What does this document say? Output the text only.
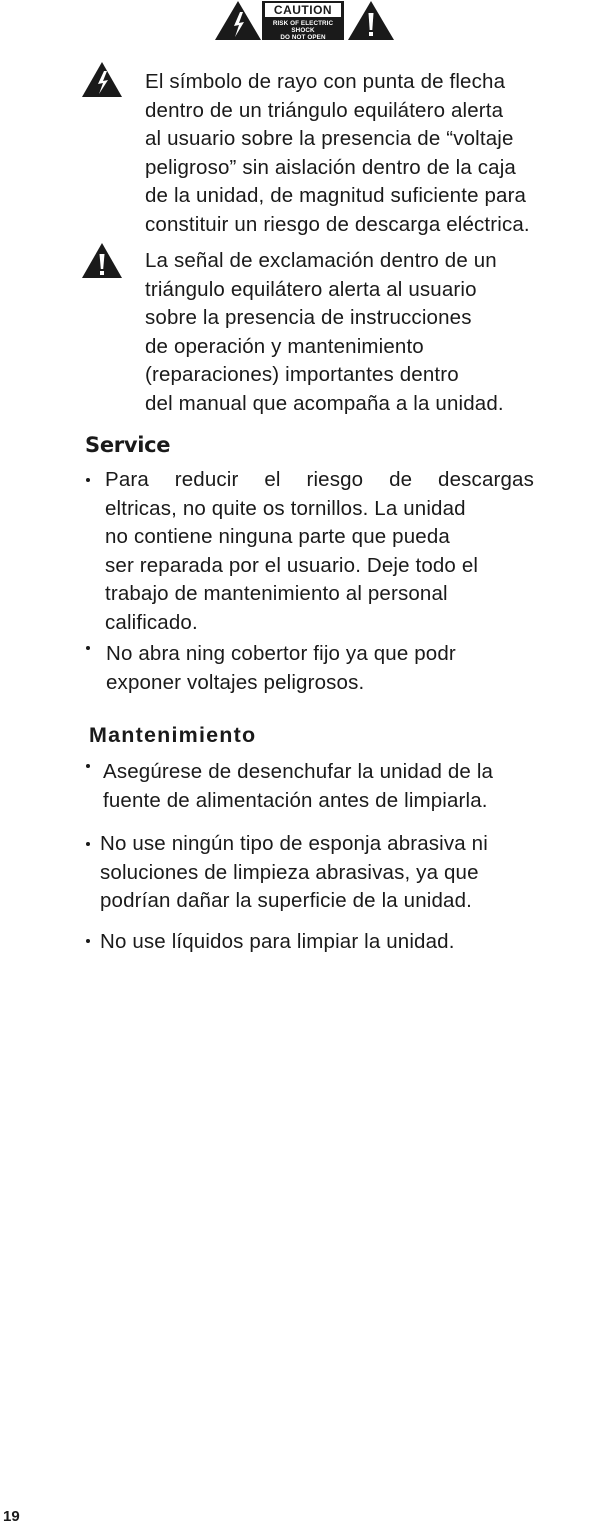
CAUTION
RISK OF ELECTRIC SHOCK
DO NOT OPEN
El símbolo de rayo con punta de flecha
dentro de un triángulo equilátero alerta
al usuario sobre la presencia de “voltaje
peligroso” sin aislación dentro de la caja
de la unidad, de magnitud suficiente para
constituir un riesgo de descarga eléctrica.
La señal de exclamación dentro de un
triángulo equilátero alerta al usuario
sobre la presencia de instrucciones
de operación y mantenimiento
(reparaciones) importantes dentro
del manual que acompaña a la unidad.
Service
Para reducir el riesgo de descargas
eltricas, no quite os tornillos. La unidad
no contiene ninguna parte que pueda
ser reparada por el usuario. Deje todo el
trabajo de mantenimiento al personal
calificado.
No abra ning cobertor fijo ya que podr
exponer voltajes peligrosos.
Mantenimiento
Asegúrese de desenchufar la unidad de la
fuente de alimentación antes de limpiarla.
No use ningún tipo de esponja abrasiva ni
soluciones de limpieza abrasivas, ya que
podrían dañar la superficie de la unidad.
No use líquidos para limpiar la unidad.
19
